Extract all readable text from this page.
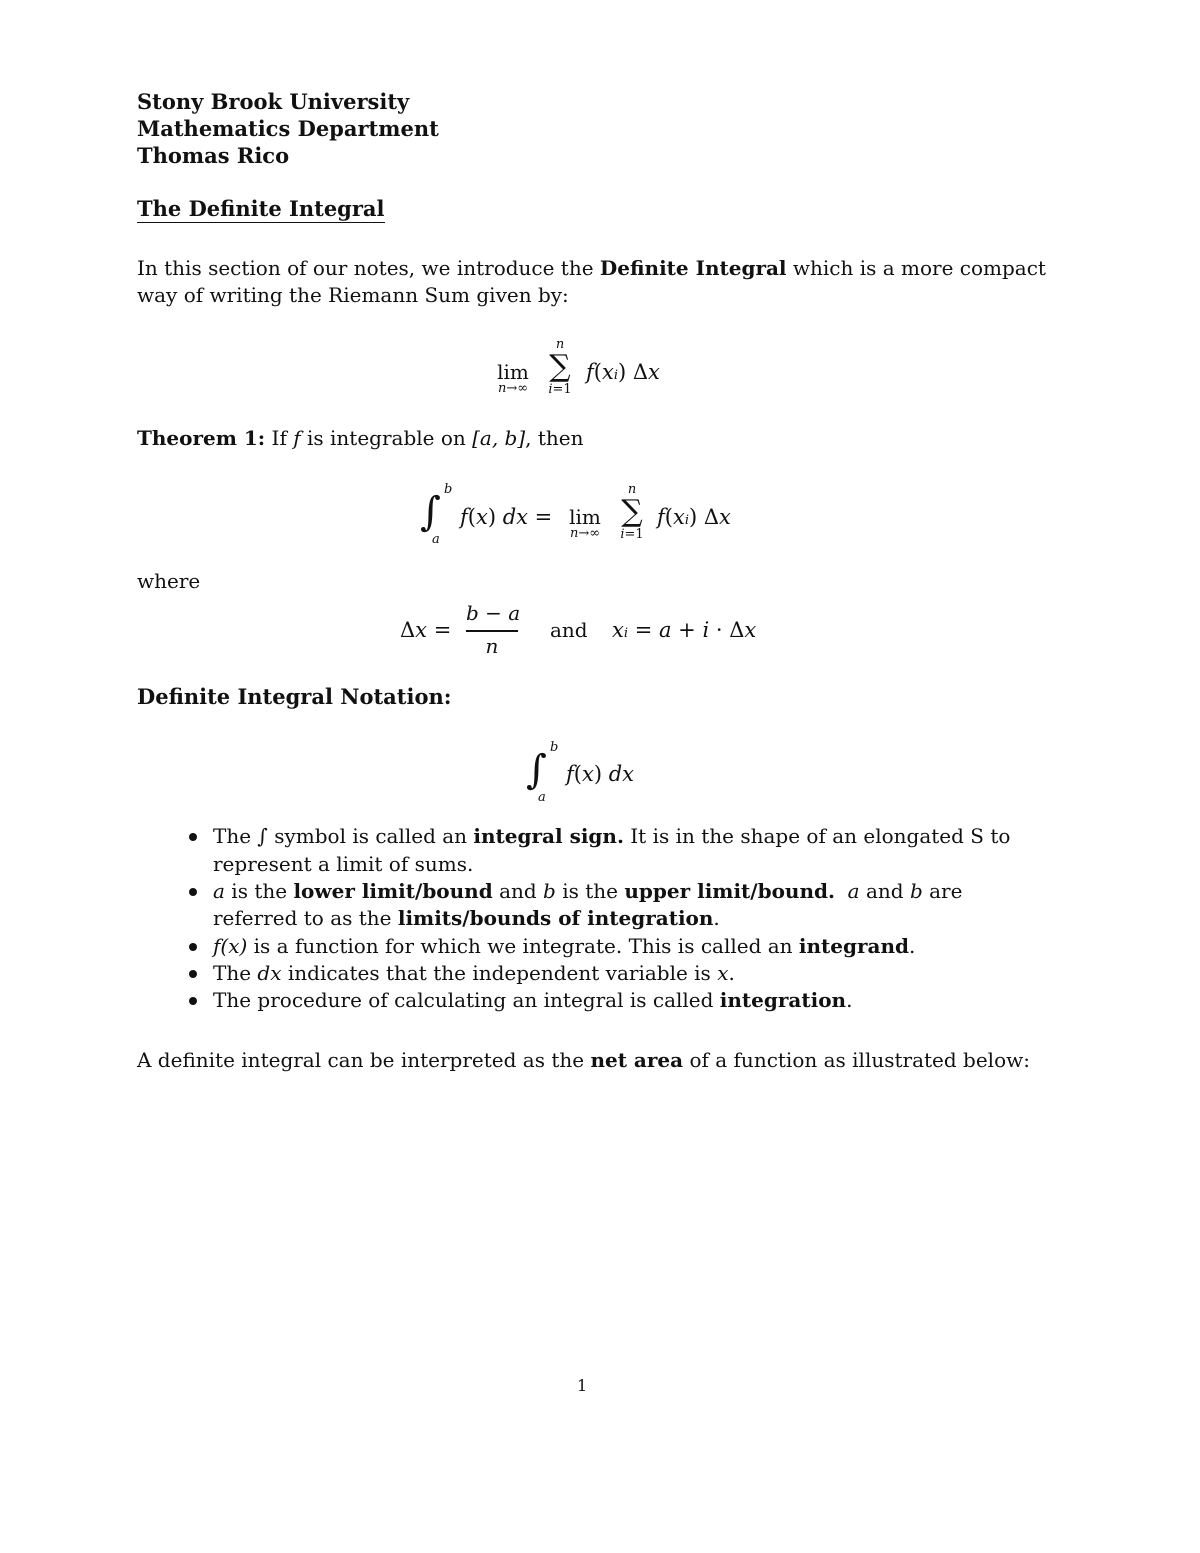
Stony Brook University
Mathematics Department
Thomas Rico
The Definite Integral
In this section of our notes, we introduce the Definite Integral which is a more compact
way of writing the Riemann Sum given by:
lim
n→∞
n
∑
i=1
f(xi) Δx
Theorem 1: If f is integrable on [a, b], then
∫ b
a
f(x) dx = lim
n→∞
n
∑
i=1
f(xi) Δx
where
Δx =
b − a
n
and xi = a + i · Δx
Definite Integral Notation:
∫ b
a
f(x) dx
The ∫ symbol is called an integral sign. It is in the shape of an elongated S to
represent a limit of sums.
a is the lower limit/bound and b is the upper limit/bound. a and b are
referred to as the limits/bounds of integration.
f(x) is a function for which we integrate. This is called an integrand.
The dx indicates that the independent variable is x.
The procedure of calculating an integral is called integration.
A definite integral can be interpreted as the net area of a function as illustrated below:
1
